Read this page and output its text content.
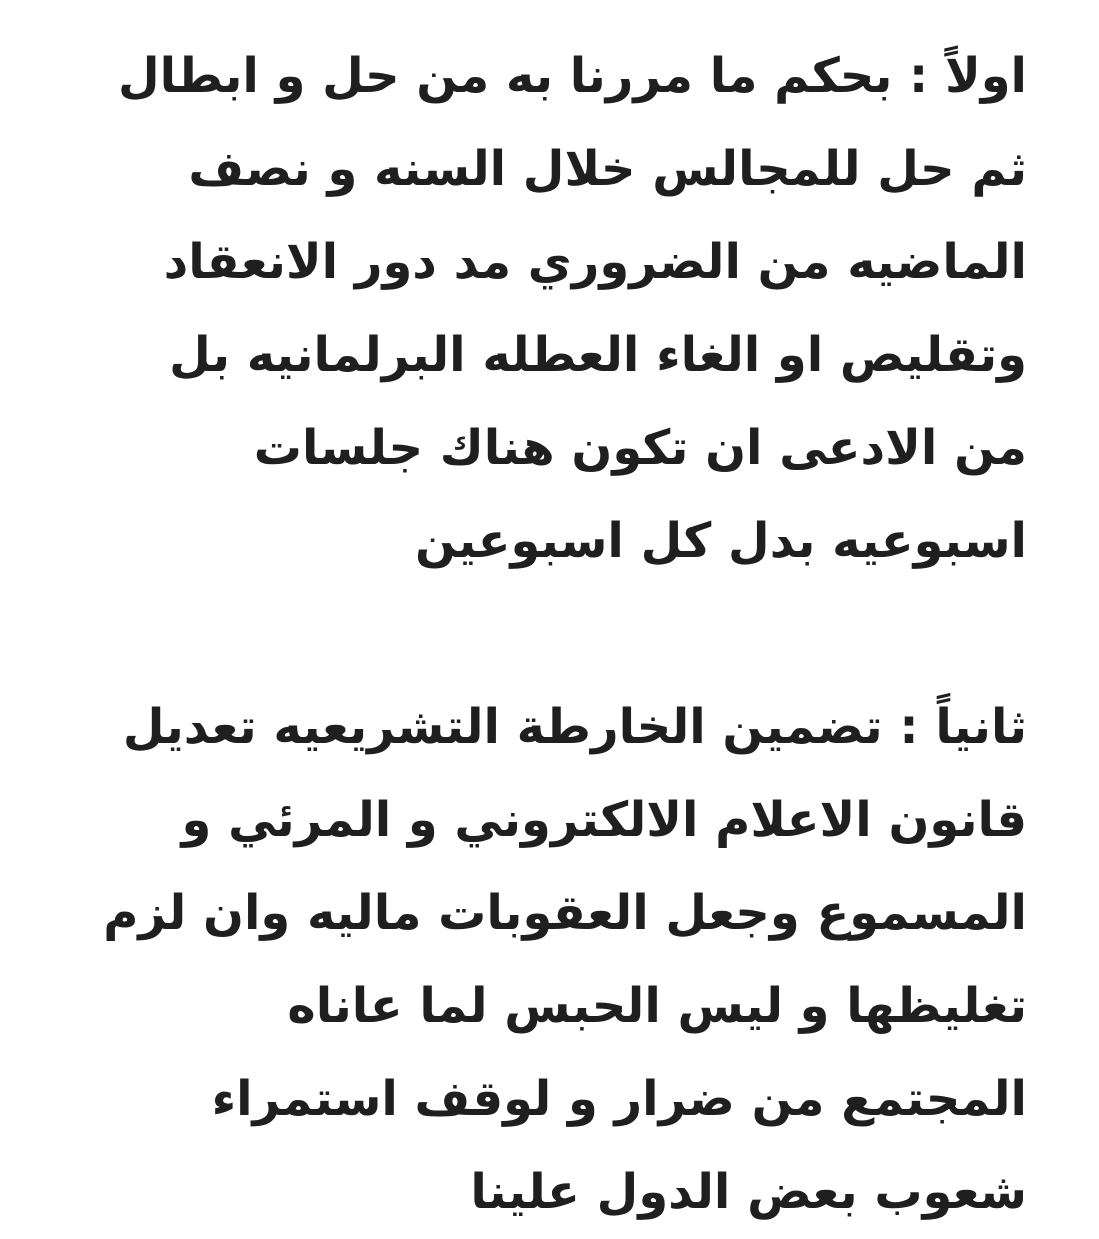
اولاً : بحكم ما مررنا به من حل و ابطال
ثم حل للمجالس خلال السنه و نصف
الماضيه من الضروري مد دور الانعقاد
وتقليص او الغاء العطله البرلمانيه بل
من الادعى ان تكون هناك جلسات
اسبوعيه بدل كل اسبوعين
ثانياً : تضمين الخارطة التشريعيه تعديل
قانون الاعلام الالكتروني و المرئي و
المسموع وجعل العقوبات ماليه وان لزم
تغليظها و ليس الحبس لما عاناه
المجتمع من ضرار و لوقف استمراء
شعوب بعض الدول علينا
